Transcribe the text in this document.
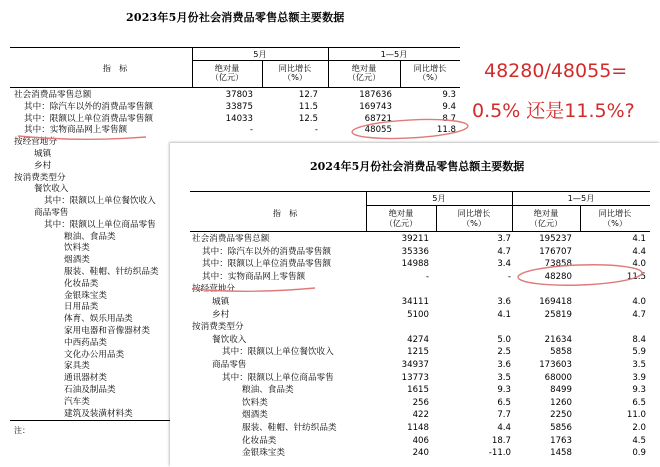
2023年5月份社会消费品零售总额主要数据
指　标
5月	1—5月
绝对量
（亿元）
同比增长
（%）
绝对量
（亿元）
同比增长
（%）
社会消费品零售总额	37803	12.7	187636	9.3
其中：除汽车以外的消费品零售额	33875	11.5	169743	9.4
其中：限额以上单位消费品零售额	14033	12.5	68721	8.7
其中：实物商品网上零售额	-	-	48055	11.8
按经营地分
城镇
乡村
按消费类型分
餐饮收入
其中：限额以上单位餐饮收入
商品零售
其中：限额以上单位商品零售
粮油、食品类
饮料类
烟酒类
服装、鞋帽、针纺织品类
化妆品类
金银珠宝类
日用品类
体育、娱乐用品类
家用电器和音像器材类
中西药品类
文化办公用品类
家具类
通讯器材类
石油及制品类
汽车类
建筑及装潢材料类
注：
48280/48055=
0.5% 还是11.5%?
2024年5月份社会消费品零售总额主要数据
指　标
5月	1—5月
绝对量
（亿元）
同比增长
（%）
绝对量
（亿元）
同比增长
（%）
社会消费品零售总额	39211	3.7	195237	4.1
其中：除汽车以外的消费品零售额	35336	4.7	176707	4.4
其中：限额以上单位消费品零售额	14988	3.4	73858	4.0
其中：实物商品网上零售额	-	-	48280	11.5
按经营地分
城镇	34111	3.6	169418	4.0
乡村	5100	4.1	25819	4.7
按消费类型分
餐饮收入	4274	5.0	21634	8.4
其中：限额以上单位餐饮收入	1215	2.5	5858	5.9
商品零售	34937	3.6	173603	3.5
其中：限额以上单位商品零售	13773	3.5	68000	3.9
粮油、食品类	1615	9.3	8499	9.3
饮料类	256	6.5	1260	6.5
烟酒类	422	7.7	2250	11.0
服装、鞋帽、针纺织品类	1148	4.4	5856	2.0
化妆品类	406	18.7	1763	4.5
金银珠宝类	240	-11.0	1458	0.9
